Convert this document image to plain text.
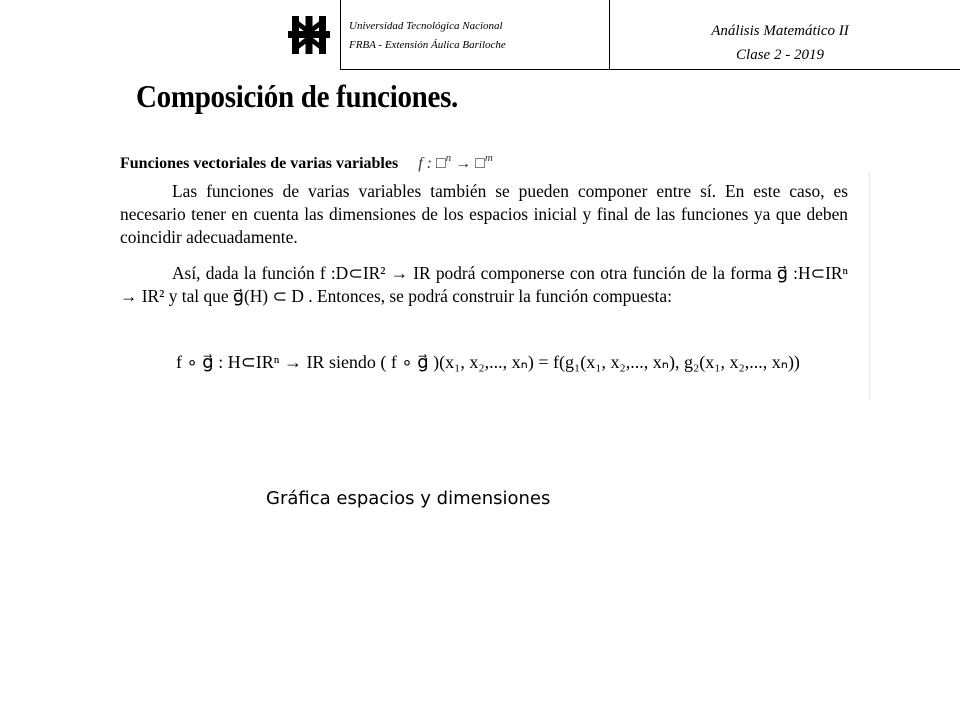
Universidad Tecnológica Nacional
FRBA - Extensión Áulica Bariloche
Análisis Matemático II
Clase 2 - 2019
Composición de funciones.
Funciones vectoriales de varias variables f : □$^n$ → □$^m$

Las funciones de varias variables también se pueden componer entre sí. En este caso, es necesario tener en cuenta las dimensiones de los espacios inicial y final de las funciones ya que deben coincidir adecuadamente.

Así, dada la función f :D⊂IR² → IR podrá componerse con otra función de la forma g⃗ :H⊂IRⁿ → IR² y tal que g⃗(H) ⊂ D . Entonces, se podrá construir la función compuesta:

f ∘ g⃗ : H⊂IRⁿ → IR siendo ( f ∘ g⃗ )(x₁, x₂,..., xₙ) = f(g₁(x₁, x₂,..., xₙ), g₂(x₁, x₂,..., xₙ))
Gráfica espacios y dimensiones
